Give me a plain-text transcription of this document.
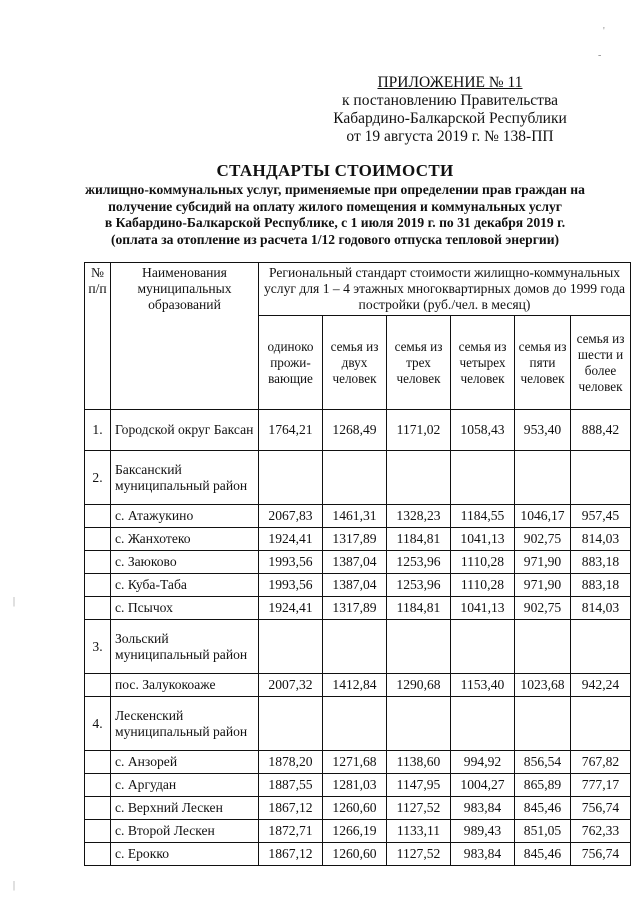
'
-
|
|
ПРИЛОЖЕНИЕ № 11
к постановлению Правительства
Кабардино-Балкарской Республики
от 19 августа 2019 г. № 138-ПП
СТАНДАРТЫ СТОИМОСТИ
жилищно-коммунальных услуг, применяемые при определении прав граждан на
получение субсидий на оплату жилого помещения и коммунальных услуг
в Кабардино-Балкарской Республике, с 1 июля 2019 г. по 31 декабря 2019 г.
(оплата за отопление из расчета 1/12 годового отпуска тепловой энергии)
№ п/п	Наименования муниципальных образований	Региональный стандарт стоимости жилищно-коммунальных услуг для 1 – 4 этажных многоквартирных домов до 1999 года постройки (руб./чел. в месяц)					
		одиноко прожи-вающие	семья из двух человек	семья из трех человек	семья из четырех человек	семья из пяти человек	семья из шести и более человек
1.	Городской округ Баксан	1764,21	1268,49	1171,02	1058,43	953,40	888,42
2.	Баксанский муниципальный район						
	с. Атажукино	2067,83	1461,31	1328,23	1184,55	1046,17	957,45
	с. Жанхотеко	1924,41	1317,89	1184,81	1041,13	902,75	814,03
	с. Заюково	1993,56	1387,04	1253,96	1110,28	971,90	883,18
	с. Куба-Таба	1993,56	1387,04	1253,96	1110,28	971,90	883,18
	с. Псычох	1924,41	1317,89	1184,81	1041,13	902,75	814,03
3.	Зольский муниципальный район						
	пос. Залукокоаже	2007,32	1412,84	1290,68	1153,40	1023,68	942,24
4.	Лескенский муниципальный район						
	с. Анзорей	1878,20	1271,68	1138,60	994,92	856,54	767,82
	с. Аргудан	1887,55	1281,03	1147,95	1004,27	865,89	777,17
	с. Верхний Лескен	1867,12	1260,60	1127,52	983,84	845,46	756,74
	с. Второй Лескен	1872,71	1266,19	1133,11	989,43	851,05	762,33
	с. Ерокко	1867,12	1260,60	1127,52	983,84	845,46	756,74
